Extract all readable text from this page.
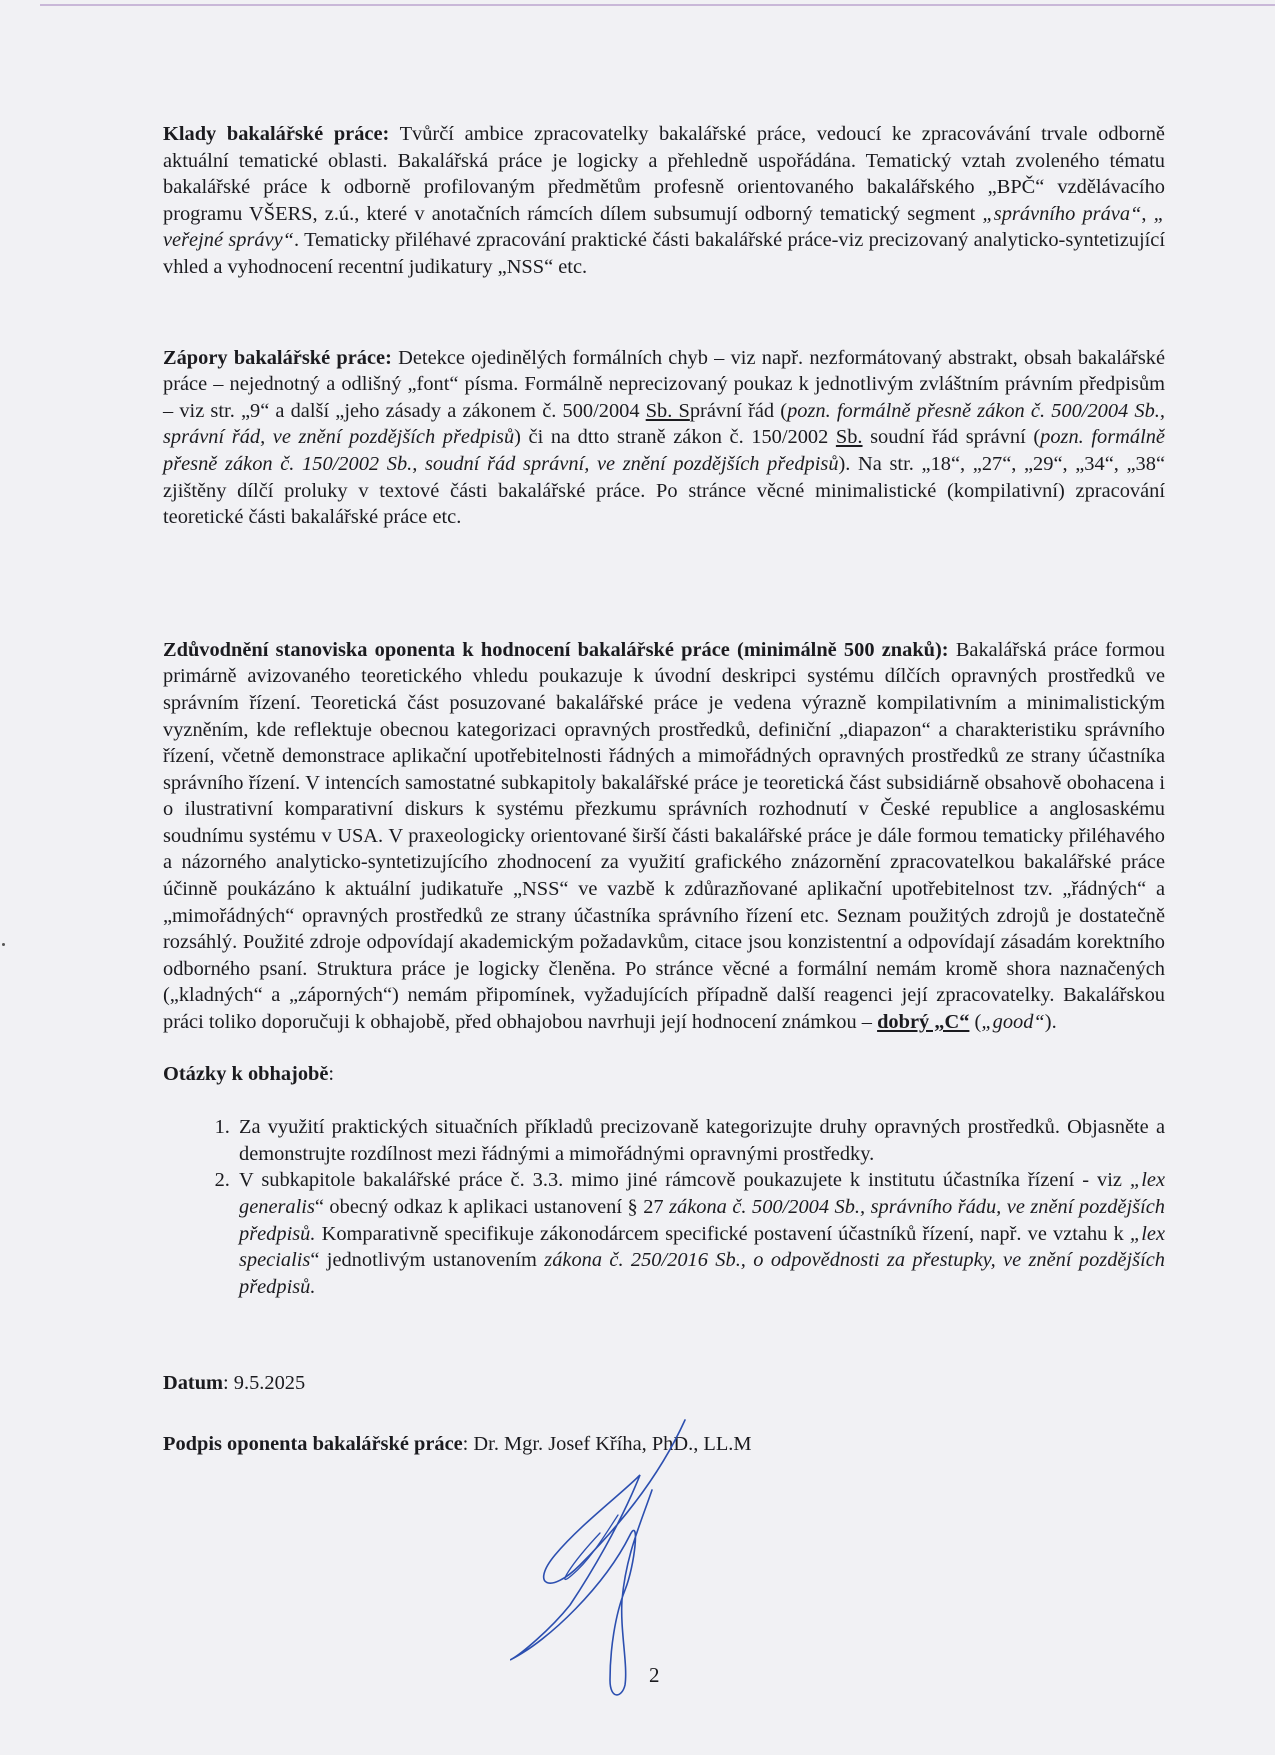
Klady bakalářské práce: Tvůrčí ambice zpracovatelky bakalářské práce, vedoucí ke zpracovávání trvale odborně aktuální tematické oblasti. Bakalářská práce je logicky a přehledně uspořádána. Tematický vztah zvoleného tématu bakalářské práce k odborně profilovaným předmětům profesně orientovaného bakalářského „BPČ“ vzdělávacího programu VŠERS, z.ú., které v anotačních rámcích dílem subsumují odborný tematický segment „správního práva“, „ veřejné správy“. Tematicky přiléhavé zpracování praktické části bakalářské práce-viz precizovaný analyticko-syntetizující vhled a vyhodnocení recentní judikatury „NSS“ etc.

Zápory bakalářské práce: Detekce ojedinělých formálních chyb – viz např. nezformátovaný abstrakt, obsah bakalářské práce – nejednotný a odlišný „font“ písma. Formálně neprecizovaný poukaz k jednotlivým zvláštním právním předpisům – viz str. „9“ a další „jeho zásady a zákonem č. 500/2004 Sb. Správní řád (pozn. formálně přesně zákon č. 500/2004 Sb., správní řád, ve znění pozdějších předpisů) či na dtto straně zákon č. 150/2002 Sb. soudní řád správní (pozn. formálně přesně zákon č. 150/2002 Sb., soudní řád správní, ve znění pozdějších předpisů). Na str. „18“, „27“, „29“, „34“, „38“ zjištěny dílčí proluky v textové části bakalářské práce. Po stránce věcné minimalistické (kompilativní) zpracování teoretické části bakalářské práce etc.

Zdůvodnění stanoviska oponenta k hodnocení bakalářské práce (minimálně 500 znaků): Bakalářská práce formou primárně avizovaného teoretického vhledu poukazuje k úvodní deskripci systému dílčích opravných prostředků ve správním řízení. Teoretická část posuzované bakalářské práce je vedena výrazně kompilativním a minimalistickým vyzněním, kde reflektuje obecnou kategorizaci opravných prostředků, definiční „diapazon“ a charakteristiku správního řízení, včetně demonstrace aplikační upotřebitelnosti řádných a mimořádných opravných prostředků ze strany účastníka správního řízení. V intencích samostatné subkapitoly bakalářské práce je teoretická část subsidiárně obsahově obohacena i o ilustrativní komparativní diskurs k systému přezkumu správních rozhodnutí v České republice a anglosaskému soudnímu systému v USA. V praxeologicky orientované širší části bakalářské práce je dále formou tematicky přiléhavého a názorného analyticko-syntetizujícího zhodnocení za využití grafického znázornění zpracovatelkou bakalářské práce účinně poukázáno k aktuální judikatuře „NSS“ ve vazbě k zdůrazňované aplikační upotřebitelnost tzv. „řádných“ a „mimořádných“ opravných prostředků ze strany účastníka správního řízení etc. Seznam použitých zdrojů je dostatečně rozsáhlý. Použité zdroje odpovídají akademickým požadavkům, citace jsou konzistentní a odpovídají zásadám korektního odborného psaní. Struktura práce je logicky členěna. Po stránce věcné a formální nemám kromě shora naznačených („kladných“ a „záporných“) nemám připomínek, vyžadujících případně další reagenci její zpracovatelky. Bakalářskou práci toliko doporučuji k obhajobě, před obhajobou navrhuji její hodnocení známkou – dobrý „C“ („good“).

Otázky k obhajobě:

1. Za využití praktických situačních příkladů precizovaně kategorizujte druhy opravných prostředků. Objasněte a demonstrujte rozdílnost mezi řádnými a mimořádnými opravnými prostředky.
2. V subkapitole bakalářské práce č. 3.3. mimo jiné rámcově poukazujete k institutu účastníka řízení - viz „lex generalis“ obecný odkaz k aplikaci ustanovení § 27 zákona č. 500/2004 Sb., správního řádu, ve znění pozdějších předpisů. Komparativně specifikuje zákonodárcem specifické postavení účastníků řízení, např. ve vztahu k „lex specialis“ jednotlivým ustanovením zákona č. 250/2016 Sb., o odpovědnosti za přestupky, ve znění pozdějších předpisů.

Datum: 9.5.2025

Podpis oponenta bakalářské práce: Dr. Mgr. Josef Kříha, PhD., LL.M

2
